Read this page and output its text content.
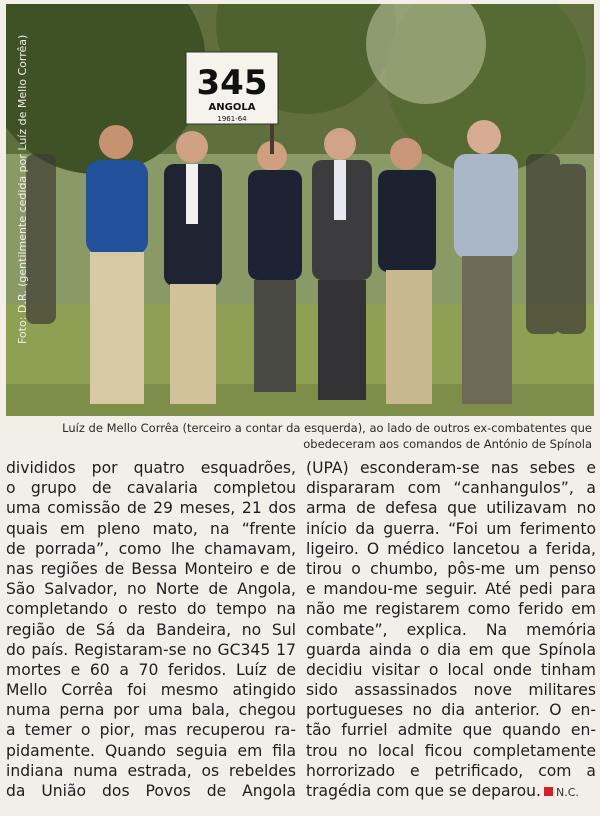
345
ANGOLA
1961-64
Foto: D.R. (gentilmente cedida por Luíz de Mello Corrêa)
Luíz de Mello Corrêa (terceiro a contar da esquerda), ao lado de outros ex-combatentes que
obedeceram aos comandos de António de Spínola
divididos por quatro esquadrões,
o grupo de cavalaria completou
uma comissão de 29 meses, 21 dos
quais em pleno mato, na “frente
de porrada”, como lhe chamavam,
nas regiões de Bessa Monteiro e de
São Salvador, no Norte de Angola,
completando o resto do tempo na
região de Sá da Bandeira, no Sul
do país. Registaram-se no GC345 17
mortes e 60 a 70 feridos. Luíz de
Mello Corrêa foi mesmo atingido
numa perna por uma bala, chegou
a temer o pior, mas recuperou ra-
pidamente. Quando seguia em fila
indiana numa estrada, os rebeldes
da União dos Povos de Angola
(UPA) esconderam-se nas sebes e
dispararam com “canhangulos”, a
arma de defesa que utilizavam no
início da guerra. “Foi um ferimento
ligeiro. O médico lancetou a ferida,
tirou o chumbo, pôs-me um penso
e mandou-me seguir. Até pedi para
não me registarem como ferido em
combate”, explica. Na memória
guarda ainda o dia em que Spínola
decidiu visitar o local onde tinham
sido assassinados nove militares
portugueses no dia anterior. O en-
tão furriel admite que quando en-
trou no local ficou completamente
horrorizado e petrificado, com a
tragédia com que se deparou. N.C.
